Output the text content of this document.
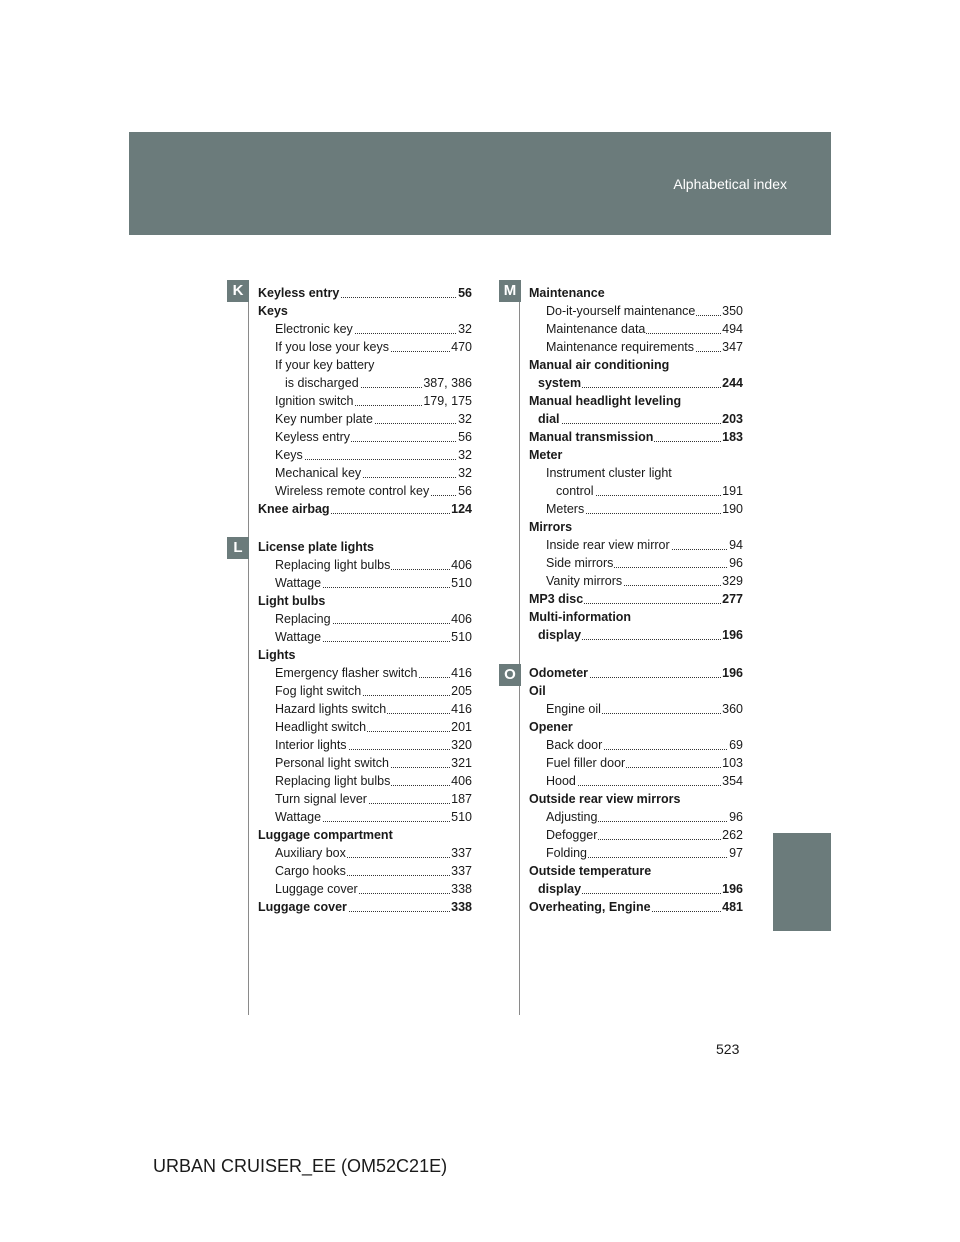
Alphabetical index
K
L
M
O
Keyless entry	56
Keys
Electronic key	32
If you lose your keys	470
If your key battery
is discharged	387, 386
Ignition switch	179, 175
Key number plate	32
Keyless entry	56
Keys	32
Mechanical key	32
Wireless remote control key 56
Knee airbag	124
License plate lights
Replacing light bulbs	406
Wattage	510
Light bulbs
Replacing	406
Wattage	510
Lights
Emergency flasher switch	416
Fog light switch	205
Hazard lights switch	416
Headlight switch	201
Interior lights	320
Personal light switch	321
Replacing light bulbs	406
Turn signal lever	187
Wattage	510
Luggage compartment
Auxiliary box	337
Cargo hooks	337
Luggage cover	338
Luggage cover	338
Maintenance
Do-it-yourself maintenance 350
Maintenance data	494
Maintenance requirements 347
Manual air conditioning
system	244
Manual headlight leveling
dial	203
Manual transmission	183
Meter
Instrument cluster light
control	191
Meters	190
Mirrors
Inside rear view mirror	94
Side mirrors	96
Vanity mirrors	329
MP3 disc	277
Multi-information
display	196
Odometer	196
Oil
Engine oil	360
Opener
Back door	69
Fuel filler door	103
Hood	354
Outside rear view mirrors
Adjusting	96
Defogger	262
Folding	97
Outside temperature
display	196
Overheating, Engine	481
523
URBAN CRUISER_EE (OM52C21E)
